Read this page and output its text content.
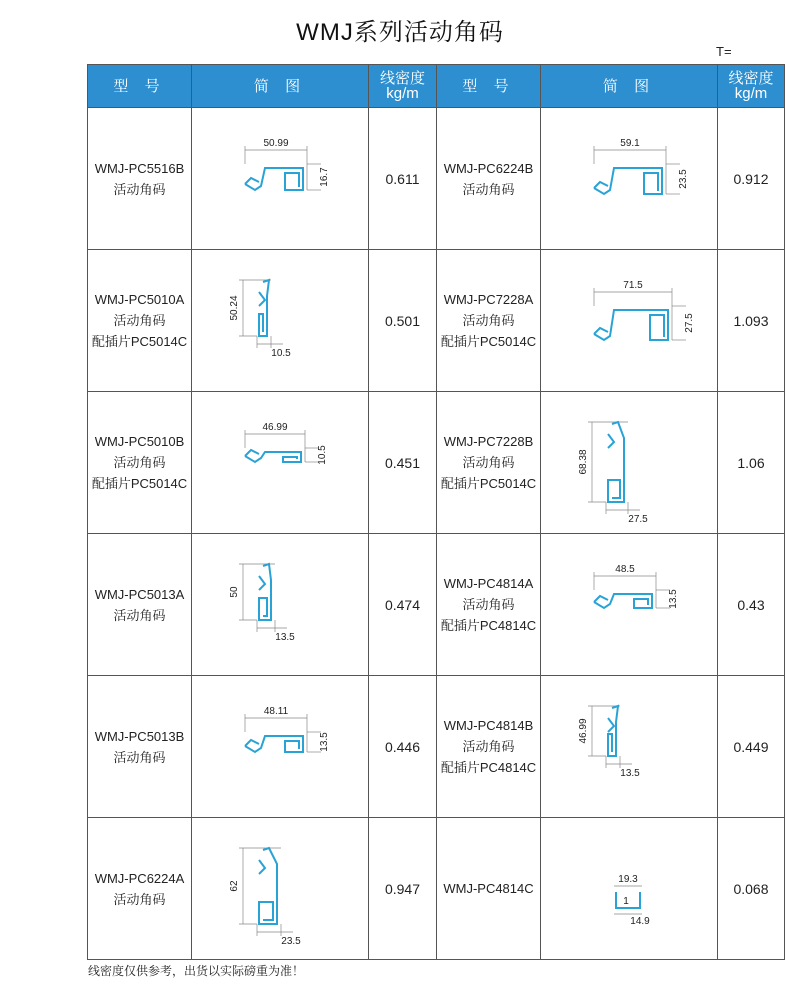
WMJ系列活动角码
T=
型 号	简 图	线密度
kg/m	型 号	简 图	线密度
kg/m

WMJ-PC5516B
活动角码	50.99
16.7	0.611	WMJ-PC6224B
活动角码	59.1
23.5	0.912

WMJ-PC5010A
活动角码
配插片PC5014C	50.24
10.5	0.501	WMJ-PC7228A
活动角码
配插片PC5014C	71.5
27.5	1.093

WMJ-PC5010B
活动角码
配插片PC5014C	46.99
10.5	0.451	WMJ-PC7228B
活动角码
配插片PC5014C	68.38
27.5	1.06

WMJ-PC5013A
活动角码	50
13.5	0.474	WMJ-PC4814A
活动角码
配插片PC4814C	48.5
13.5	0.43

WMJ-PC5013B
活动角码	48.11
13.5	0.446	WMJ-PC4814B
活动角码
配插片PC4814C	46.99
13.5	0.449

WMJ-PC6224A
活动角码	62
23.5	0.947	WMJ-PC4814C	19.3
1
14.9	0.068
线密度仅供参考，出货以实际磅重为准！
